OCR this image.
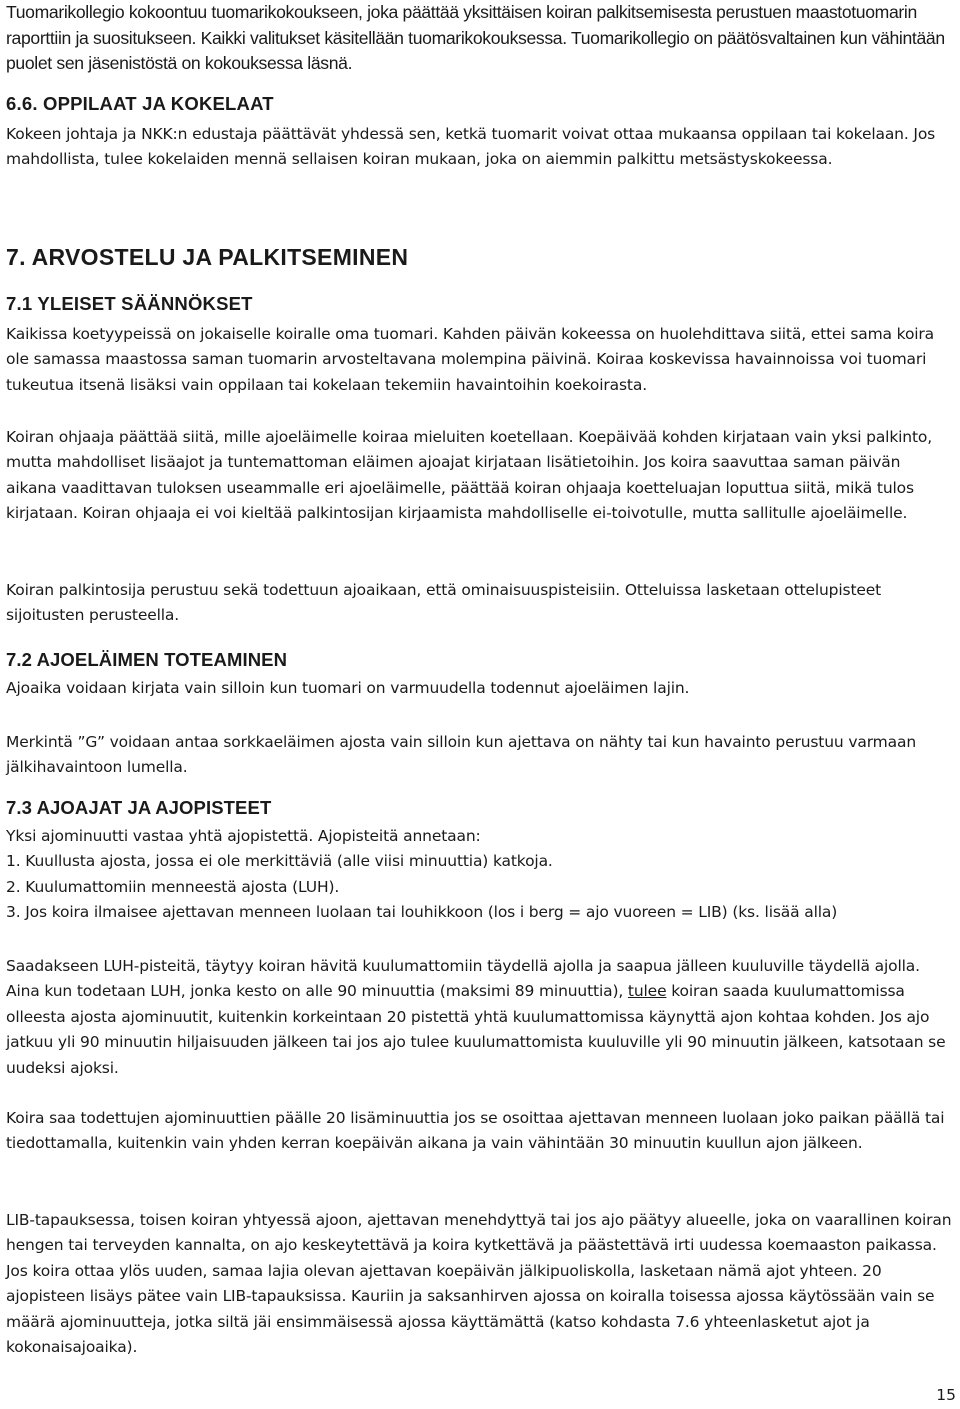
Tuomarikollegio kokoontuu tuomarikokoukseen, joka päättää yksittäisen koiran palkitsemisesta perustuen maastotuomarin raporttiin ja suositukseen. Kaikki valitukset käsitellään tuomarikokouksessa. Tuomarikollegio on päätösvaltainen kun vähintään puolet sen jäsenistöstä on kokouksessa läsnä.

6.6. OPPILAAT JA KOKELAAT

Kokeen johtaja ja NKK:n edustaja päättävät yhdessä sen, ketkä tuomarit voivat ottaa mukaansa oppilaan tai kokelaan. Jos mahdollista, tulee kokelaiden mennä sellaisen koiran mukaan, joka on aiemmin palkittu metsästyskokeessa.

7. ARVOSTELU JA PALKITSEMINEN
7.1 YLEISET SÄÄNNÖKSET

Kaikissa koetyypeissä on jokaiselle koiralle oma tuomari. Kahden päivän kokeessa on huolehdittava siitä, ettei sama koira ole samassa maastossa saman tuomarin arvosteltavana molempina päivinä. Koiraa koskevissa havainnoissa voi tuomari tukeutua itsenä lisäksi vain oppilaan tai kokelaan tekemiin havaintoihin koekoirasta.

Koiran ohjaaja päättää siitä, mille ajoeläimelle koiraa mieluiten koetellaan. Koepäivää kohden kirjataan vain yksi palkinto, mutta mahdolliset lisäajot ja tuntemattoman eläimen ajoajat kirjataan lisätietoihin. Jos koira saavuttaa saman päivän aikana vaadittavan tuloksen useammalle eri ajoeläimelle, päättää koiran ohjaaja koetteluajan loputtua siitä, mikä tulos kirjataan. Koiran ohjaaja ei voi kieltää palkintosijan kirjaamista mahdolliselle ei-toivotulle, mutta sallitulle ajoeläimelle.

Koiran palkintosija perustuu sekä todettuun ajoaikaan, että ominaisuuspisteisiin. Otteluissa lasketaan ottelupisteet sijoitusten perusteella.

7.2 AJOELÄIMEN TOTEAMINEN

Ajoaika voidaan kirjata vain silloin kun tuomari on varmuudella todennut ajoeläimen lajin.

Merkintä ”G” voidaan antaa sorkkaeläimen ajosta vain silloin kun ajettava on nähty tai kun havainto perustuu varmaan jälkihavaintoon lumella.

7.3 AJOAJAT JA AJOPISTEET
Yksi ajominuutti vastaa yhtä ajopistettä. Ajopisteitä annetaan:
1. Kuullusta ajosta, jossa ei ole merkittäviä (alle viisi minuuttia) katkoja.
2. Kuulumattomiin menneestä ajosta (LUH).
3. Jos koira ilmaisee ajettavan menneen luolaan tai louhikkoon (los i berg = ajo vuoreen = LIB) (ks. lisää alla)

Saadakseen LUH-pisteitä, täytyy koiran hävitä kuulumattomiin täydellä ajolla ja saapua jälleen kuuluville täydellä ajolla. Aina kun todetaan LUH, jonka kesto on alle 90 minuuttia (maksimi 89 minuuttia), tulee koiran saada kuulumattomissa olleesta ajosta ajominuutit, kuitenkin korkeintaan 20 pistettä yhtä kuulumattomissa käynyttä ajon kohtaa kohden. Jos ajo jatkuu yli 90 minuutin hiljaisuuden jälkeen tai jos ajo tulee kuulumattomista kuuluville yli 90 minuutin jälkeen, katsotaan se uudeksi ajoksi.

Koira saa todettujen ajominuuttien päälle 20 lisäminuuttia jos se osoittaa ajettavan menneen luolaan joko paikan päällä tai tiedottamalla, kuitenkin vain yhden kerran koepäivän aikana ja vain vähintään 30 minuutin kuullun ajon jälkeen.

LIB-tapauksessa, toisen koiran yhtyessä ajoon, ajettavan menehdyttyä tai jos ajo päätyy alueelle, joka on vaarallinen koiran hengen tai terveyden kannalta, on ajo keskeytettävä ja koira kytkettävä ja päästettävä irti uudessa koemaaston paikassa. Jos koira ottaa ylös uuden, samaa lajia olevan ajettavan koepäivän jälkipuoliskolla, lasketaan nämä ajot yhteen. 20 ajopisteen lisäys pätee vain LIB-tapauksissa. Kauriin ja saksanhirven ajossa on koiralla toisessa ajossa käytössään vain se määrä ajominuutteja, jotka siltä jäi ensimmäisessä ajossa käyttämättä (katso kohdasta 7.6 yhteenlasketut ajot ja kokonaisajoaika).

15
